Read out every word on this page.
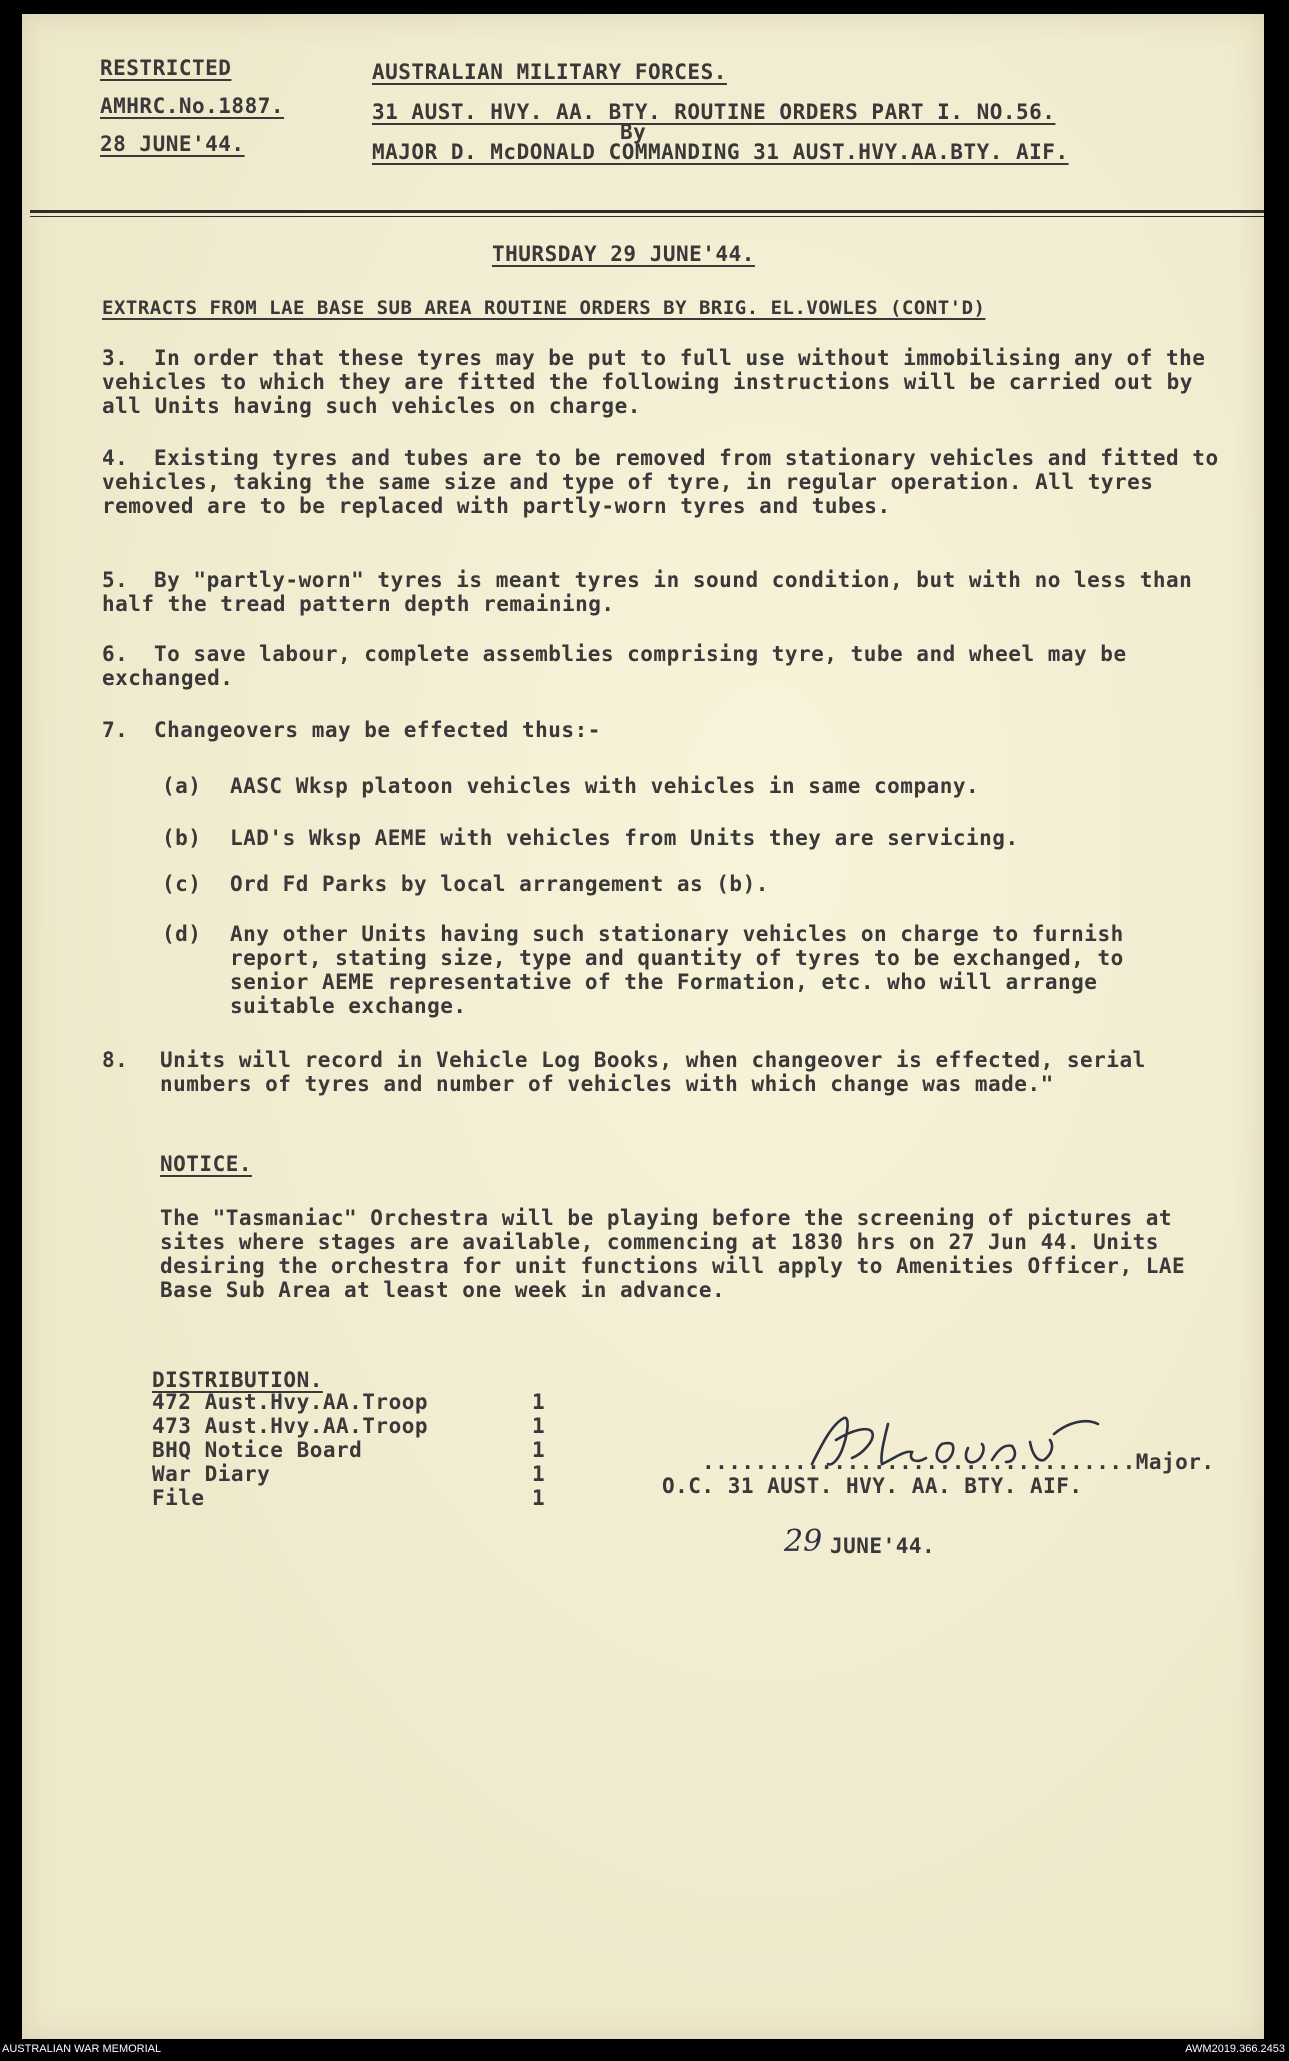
RESTRICTED
AMHRC.No.1887.
28 JUNE'44.
AUSTRALIAN MILITARY FORCES.
31 AUST. HVY. AA. BTY. ROUTINE ORDERS PART I. NO.56.
By
MAJOR D. McDONALD COMMANDING 31 AUST.HVY.AA.BTY. AIF.
THURSDAY 29 JUNE'44.
EXTRACTS FROM LAE BASE SUB AREA ROUTINE ORDERS BY BRIG. EL.VOWLES (CONT'D)
3.	In order that these tyres may be put to full use without immobilising any of the vehicles to which they are fitted the following instructions will be carried out by all Units having such vehicles on charge.
4.	Existing tyres and tubes are to be removed from stationary vehicles and fitted to vehicles, taking the same size and type of tyre, in regular operation. All tyres removed are to be replaced with partly-worn tyres and tubes.
5.	By "partly-worn" tyres is meant tyres in sound condition, but with no less than half the tread pattern depth remaining.
6.	To save labour, complete assemblies comprising tyre, tube and wheel may be exchanged.
7.	Changeovers may be effected thus:-
(a) AASC Wksp platoon vehicles with vehicles in same company.
(b) LAD's Wksp AEME with vehicles from Units they are servicing.
(c) Ord Fd Parks by local arrangement as (b).
(d) Any other Units having such stationary vehicles on charge to furnish report, stating size, type and quantity of tyres to be exchanged, to senior AEME representative of the Formation, etc. who will arrange suitable exchange.
8. Units will record in Vehicle Log Books, when changeover is effected, serial numbers of tyres and number of vehicles with which change was made."
NOTICE.
The "Tasmaniac" Orchestra will be playing before the screening of pictures at sites where stages are available, commencing at 1830 hrs on 27 Jun 44. Units desiring the orchestra for unit functions will apply to Amenities Officer, LAE Base Sub Area at least one week in advance.
DISTRIBUTION.
472 Aust.Hvy.AA.Troop	1
473 Aust.Hvy.AA.Troop	1
BHQ Notice Board	1
War Diary	1
File	1
.................................Major.
O.C. 31 AUST. HVY. AA. BTY. AIF.
29 JUNE'44.
AUSTRALIAN WAR MEMORIAL	AWM2019.366.2453
